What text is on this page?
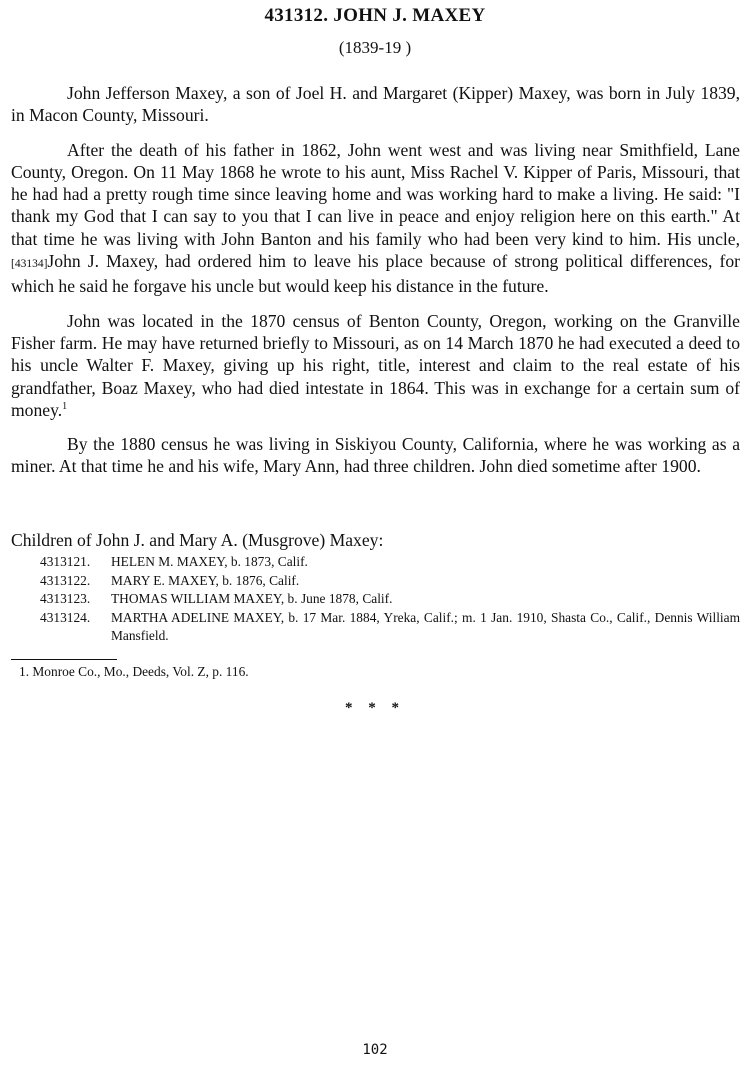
431312. JOHN J. MAXEY
(1839-19 )

John Jefferson Maxey, a son of Joel H. and Margaret (Kipper) Maxey, was born in July 1839, in Macon County, Missouri.

After the death of his father in 1862, John went west and was living near Smithfield, Lane County, Oregon. On 11 May 1868 he wrote to his aunt, Miss Rachel V. Kipper of Paris, Missouri, that he had had a pretty rough time since leaving home and was working hard to make a living. He said: "I thank my God that I can say to you that I can live in peace and enjoy religion here on this earth." At that time he was living with John Banton and his family who had been very kind to him. His uncle, [43134]John J. Maxey, had ordered him to leave his place because of strong political differences, for which he said he forgave his uncle but would keep his distance in the future.

John was located in the 1870 census of Benton County, Oregon, working on the Granville Fisher farm. He may have returned briefly to Missouri, as on 14 March 1870 he had executed a deed to his uncle Walter F. Maxey, giving up his right, title, interest and claim to the real estate of his grandfather, Boaz Maxey, who had died intestate in 1864. This was in exchange for a certain sum of money.$^1$

By the 1880 census he was living in Siskiyou County, California, where he was working as a miner. At that time he and his wife, Mary Ann, had three children. John died sometime after 1900.

Children of John J. and Mary A. (Musgrove) Maxey:

4313121.	HELEN M. MAXEY, b. 1873, Calif.
4313122.	MARY E. MAXEY, b. 1876, Calif.
4313123.	THOMAS WILLIAM MAXEY, b. June 1878, Calif.
4313124.	MARTHA ADELINE MAXEY, b. 17 Mar. 1884, Yreka, Calif.; m. 1 Jan. 1910, Shasta Co., Calif., Dennis William Mansfield.
1. Monroe Co., Mo., Deeds, Vol. Z, p. 116.
* * *
102
